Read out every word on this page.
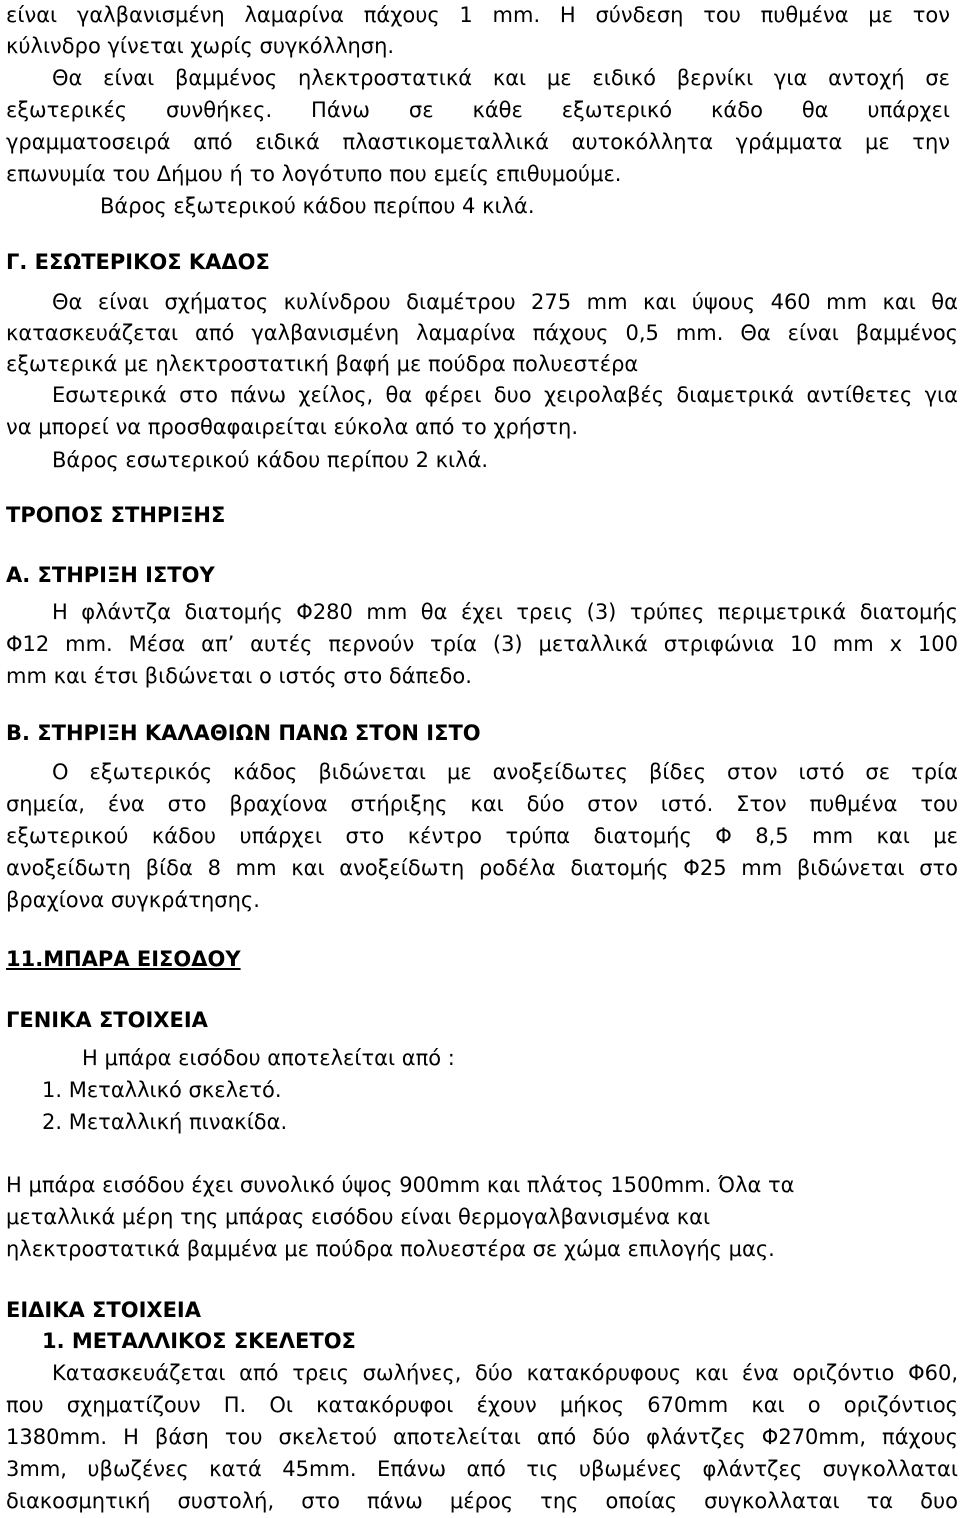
είναι γαλβανισμένη λαμαρίνα πάχους 1 mm. Η σύνδεση του πυθμένα με τον
κύλινδρο γίνεται χωρίς συγκόλληση.
Θα είναι βαμμένος ηλεκτροστατικά και με ειδικό βερνίκι για αντοχή σε
εξωτερικές συνθήκες. Πάνω σε κάθε εξωτερικό κάδο θα υπάρχει
γραμματοσειρά από ειδικά πλαστικομεταλλικά αυτοκόλλητα γράμματα με την
επωνυμία του Δήμου ή το λογότυπο που εμείς επιθυμούμε.
Βάρος εξωτερικού κάδου περίπου 4 κιλά.
Γ. ΕΣΩΤΕΡΙΚΟΣ ΚΑΔΟΣ
Θα είναι σχήματος κυλίνδρου διαμέτρου 275 mm και ύψους 460 mm και θα
κατασκευάζεται από γαλβανισμένη λαμαρίνα πάχους 0,5 mm. Θα είναι βαμμένος
εξωτερικά με ηλεκτροστατική βαφή με πούδρα πολυεστέρα
Εσωτερικά στο πάνω χείλος, θα φέρει δυο χειρολαβές διαμετρικά αντίθετες για
να μπορεί να προσθαφαιρείται εύκολα από το χρήστη.
Βάρος εσωτερικού κάδου περίπου 2 κιλά.
ΤΡΟΠΟΣ ΣΤΗΡΙΞΗΣ
Α. ΣΤΗΡΙΞΗ ΙΣΤΟΥ
Η φλάντζα διατομής Φ280 mm θα έχει τρεις (3) τρύπες περιμετρικά διατομής
Φ12 mm. Μέσα απ’ αυτές περνούν τρία (3) μεταλλικά στριφώνια 10 mm x 100
mm και έτσι βιδώνεται ο ιστός στο δάπεδο.
Β. ΣΤΗΡΙΞΗ ΚΑΛΑΘΙΩΝ ΠΑΝΩ ΣΤΟΝ ΙΣΤΟ
Ο εξωτερικός κάδος βιδώνεται με ανοξείδωτες βίδες στον ιστό σε τρία
σημεία, ένα στο βραχίονα στήριξης και δύο στον ιστό. Στον πυθμένα του
εξωτερικού κάδου υπάρχει στο κέντρο τρύπα διατομής Φ 8,5 mm και με
ανοξείδωτη βίδα 8 mm και ανοξείδωτη ροδέλα διατομής Φ25 mm βιδώνεται στο
βραχίονα συγκράτησης.
11.ΜΠΑΡΑ ΕΙΣΟΔΟΥ
ΓΕΝΙΚΑ ΣΤΟΙΧΕΙΑ
Η μπάρα εισόδου αποτελείται από :
1. Μεταλλικό σκελετό.
2. Μεταλλική πινακίδα.
Η μπάρα εισόδου έχει συνολικό ύψος 900mm και πλάτος 1500mm. Όλα τα
μεταλλικά μέρη της μπάρας εισόδου είναι θερμογαλβανισμένα και
ηλεκτροστατικά βαμμένα με πούδρα πολυεστέρα σε χώμα επιλογής μας.
ΕΙΔΙΚΑ ΣΤΟΙΧΕΙΑ
1. ΜΕΤΑΛΛΙΚΟΣ ΣΚΕΛΕΤΟΣ
Κατασκευάζεται από τρεις σωλήνες, δύο κατακόρυφους και ένα οριζόντιο Φ60,
που σχηματίζουν Π. Οι κατακόρυφοι έχουν μήκος 670mm και ο οριζόντιος
1380mm. Η βάση του σκελετού αποτελείται από δύο φλάντζες Φ270mm, πάχους
3mm, υβωζένες κατά 45mm. Επάνω από τις υβωμένες φλάντζες συγκολλαται
διακοσμητική συστολή, στο πάνω μέρος της οποίας συγκολλαται τα δυο
